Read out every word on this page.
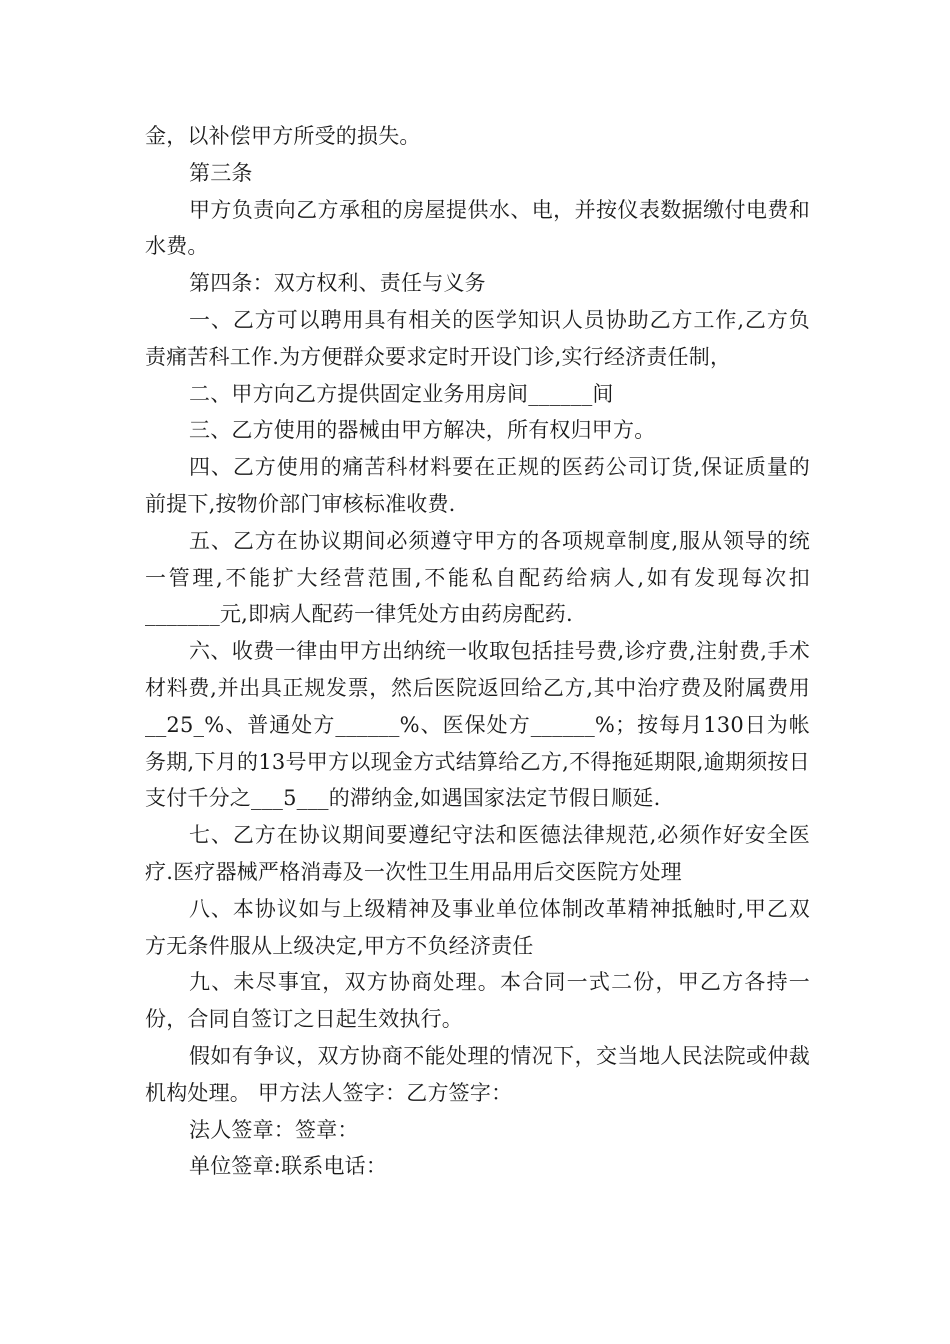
金，以补偿甲方所受的损失。

第三条

甲方负责向乙方承租的房屋提供水、电，并按仪表数据缴付电费和水费。

第四条：双方权利、责任与义务

一、乙方可以聘用具有相关的医学知识人员协助乙方工作,乙方负责痛苦科工作.为方便群众要求定时开设门诊,实行经济责任制，

二、甲方向乙方提供固定业务用房间______间

三、乙方使用的器械由甲方解决，所有权归甲方。

四、乙方使用的痛苦科材料要在正规的医药公司订货,保证质量的前提下,按物价部门审核标准收费.

五、乙方在协议期间必须遵守甲方的各项规章制度,服从领导的统一管理,不能扩大经营范围,不能私自配药给病人,如有发现每次扣_______元,即病人配药一律凭处方由药房配药.

六、收费一律由甲方出纳统一收取包括挂号费,诊疗费,注射费,手术材料费,并出具正规发票，然后医院返回给乙方,其中治疗费及附属费用__25_%、普通处方______%、医保处方______%；按每月130日为帐务期,下月的13号甲方以现金方式结算给乙方,不得拖延期限,逾期须按日支付千分之___5___的滞纳金,如遇国家法定节假日顺延.

七、乙方在协议期间要遵纪守法和医德法律规范,必须作好安全医疗.医疗器械严格消毒及一次性卫生用品用后交医院方处理

八、本协议如与上级精神及事业单位体制改革精神抵触时,甲乙双方无条件服从上级决定,甲方不负经济责任

九、未尽事宜，双方协商处理。本合同一式二份，甲乙方各持一份，合同自签订之日起生效执行。

假如有争议，双方协商不能处理的情况下，交当地人民法院或仲裁机构处理。 甲方法人签字：乙方签字：

法人签章：签章：

单位签章:联系电话：
